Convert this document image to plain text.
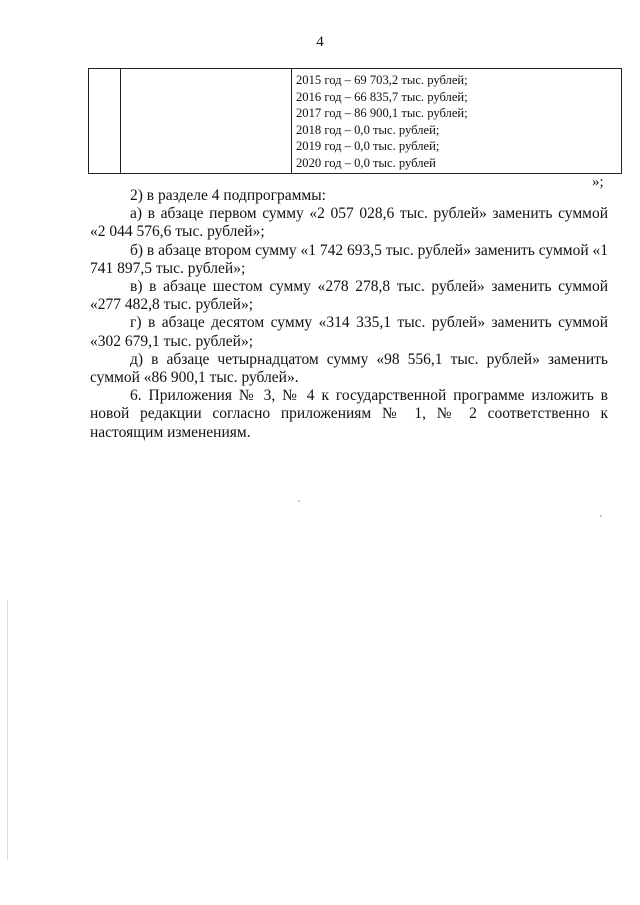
4

2015 год – 69 703,2 тыс. рублей;
2016 год – 66 835,7 тыс. рублей;
2017 год – 86 900,1 тыс. рублей;
2018 год – 0,0 тыс. рублей;
2019 год – 0,0 тыс. рублей;
2020 год – 0,0 тыс. рублей
»;

2) в разделе 4 подпрограммы:

а) в абзаце первом сумму «2 057 028,6 тыс. рублей» заменить суммой «2 044 576,6 тыс. рублей»;

б) в абзаце втором сумму «1 742 693,5 тыс. рублей» заменить суммой «1 741 897,5 тыс. рублей»;

в) в абзаце шестом сумму «278 278,8 тыс. рублей» заменить суммой «277 482,8 тыс. рублей»;

г) в абзаце десятом сумму «314 335,1 тыс. рублей» заменить суммой «302 679,1 тыс. рублей»;

д) в абзаце четырнадцатом сумму «98 556,1 тыс. рублей» заменить суммой «86 900,1 тыс. рублей».

6. Приложения № 3, № 4 к государственной программе изложить в новой редакции согласно приложениям № 1, № 2 соответственно к настоящим изменениям.
